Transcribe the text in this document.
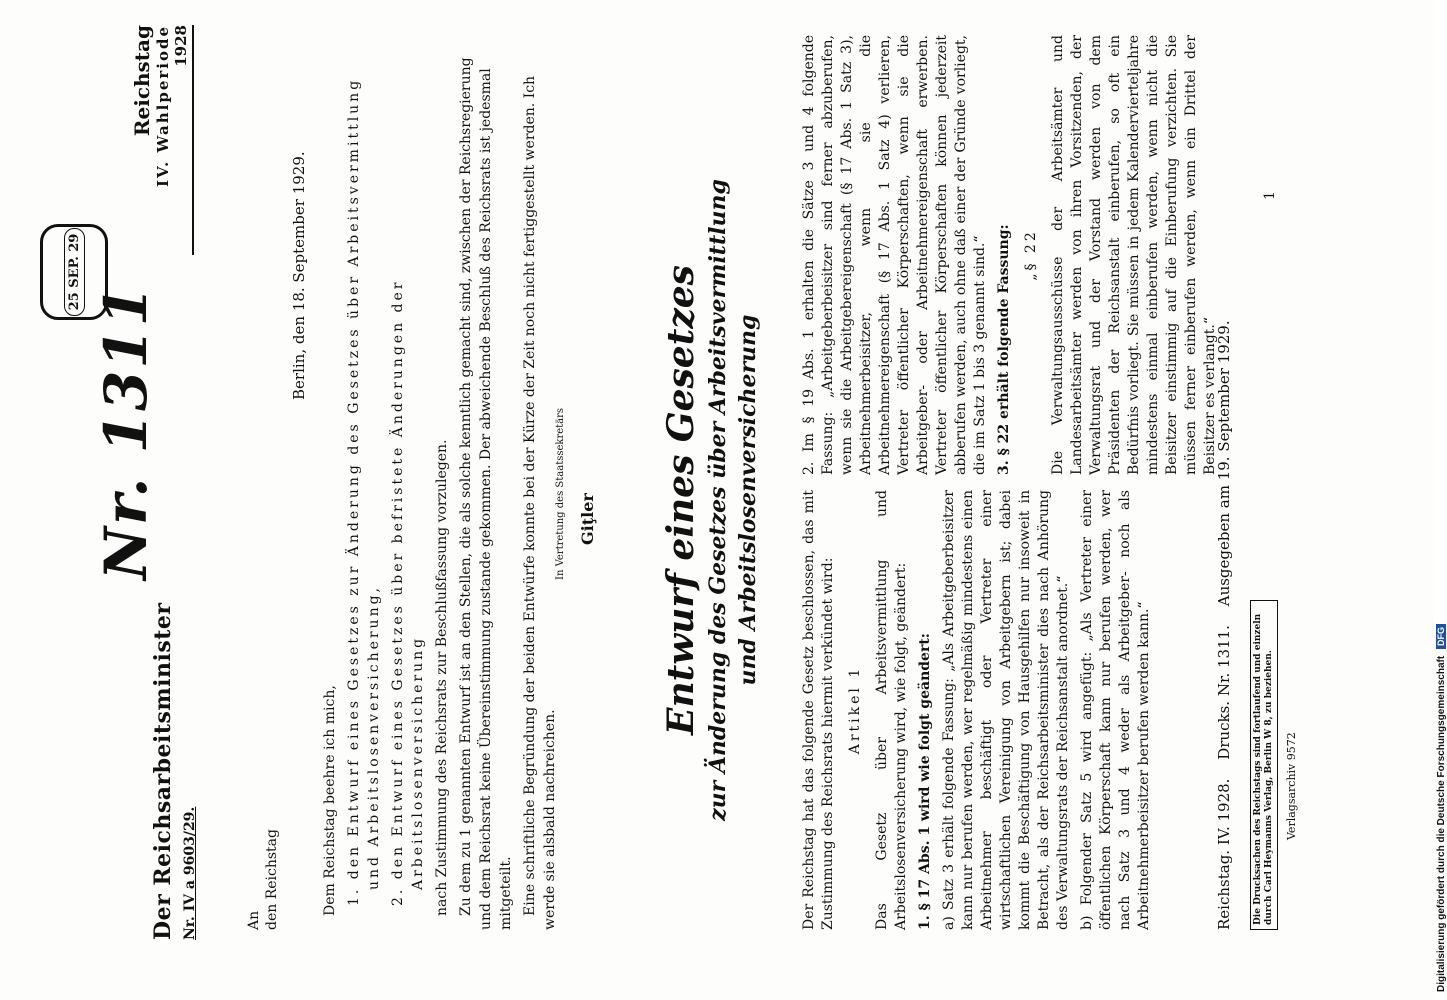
Der Reichsarbeitsminister Nr. IV a 9603/29.
Nr. 1311
25 SEP. 29
Reichstag IV. Wahlperiode 1928
An den Reichstag
Berlin, den 18. September 1929.

Dem Reichstag beehre ich mich, 1. den Entwurf eines Gesetzes zur Änderung des Gesetzes über Arbeitsvermittlung und Arbeitslosenversicherung, 2. den Entwurf eines Gesetzes über befristete Änderungen der Arbeitslosenversicherung nach Zustimmung des Reichsrats zur Beschlußfassung vorzulegen. Zu dem zu 1 genannten Entwurf ist an den Stellen, die als solche kenntlich gemacht sind, zwischen der Reichsregierung und dem Reichsrat keine Übereinstimmung zustande gekommen. Der abweichende Beschluß des Reichsrats ist jedesmal mitgeteilt. Eine schriftliche Begründung der beiden Entwürfe konnte bei der Kürze der Zeit noch nicht fertiggestellt werden. Ich werde sie alsbald nachreichen.

In Vertretung des Staatssekretärs Giţler Entwurf eines Gesetzes zur Änderung des Gesetzes über Arbeitsvermittlung und Arbeitslosenversicherung	Der Reichstag hat das folgende Gesetz beschlossen, das mit Zustimmung des Reichsrats hiermit verkündet wird: Artikel 1 Das Gesetz über Arbeitsvermittlung und Arbeitslosenversicherung wird, wie folgt, geändert: 1. § 17 Abs. 1 wird wie folgt geändert: a) Satz 3 erhält folgende Fassung: „Als Arbeitgeberbeisitzer kann nur berufen werden, wer regelmäßig mindestens einen Arbeitnehmer beschäftigt oder Vertreter einer wirtschaftlichen Vereinigung von Arbeitgebern ist; dabei kommt die Beschäftigung von Hausgehilfen nur insoweit in Betracht, als der Reichsarbeitsminister dies nach Anhörung des Verwaltungsrats der Reichsanstalt anordnet.“ b) Folgender Satz 5 wird angefügt: „Als Vertreter einer öffentlichen Körperschaft kann nur berufen werden, wer nach Satz 3 und 4 weder als Arbeitgeber- noch als Arbeitnehmerbeisitzer berufen werden kann.“

2. Im § 19 Abs. 1 erhalten die Sätze 3 und 4 folgende Fassung: „Arbeitgeberbeisitzer sind ferner abzuberufen, wenn sie die Arbeitgebereigenschaft (§ 17 Abs. 1 Satz 3), Arbeitnehmerbeisitzer, wenn sie die Arbeitnehmereigenschaft (§ 17 Abs. 1 Satz 4) verlieren, Vertreter öffentlicher Körperschaften, wenn sie die Arbeitgeber- oder Arbeitnehmereigenschaft erwerben. Vertreter öffentlicher Körperschaften können jederzeit abberufen werden, auch ohne daß einer der Gründe vorliegt, die im Satz 1 bis 3 genannt sind.“ 3. § 22 erhält folgende Fassung: „§ 22 Die Verwaltungsausschüsse der Arbeitsämter und Landesarbeitsämter werden von ihren Vorsitzenden, der Verwaltungsrat und der Vorstand werden von dem Präsidenten der Reichsanstalt einberufen, so oft ein Bedürfnis vorliegt. Sie müssen in jedem Kalendervierteljahre mindestens einmal einberufen werden, wenn nicht die Beisitzer einstimmig auf die Einberufung verzichten. Sie müssen ferner einberufen werden, wenn ein Drittel der Beisitzer es verlangt.“

Reichstag. IV. 1928. Drucks. Nr. 1311. Ausgegeben am 19. September 1929.
1
Die Drucksachen des Reichstags sind fortlaufend und einzeln durch Carl Heymanns Verlag, Berlin W 8, zu beziehen.	Verlagsarchiv 9572	Digitalisierung gefördert durch die Deutsche Forschungsgemeinschaft DFG
